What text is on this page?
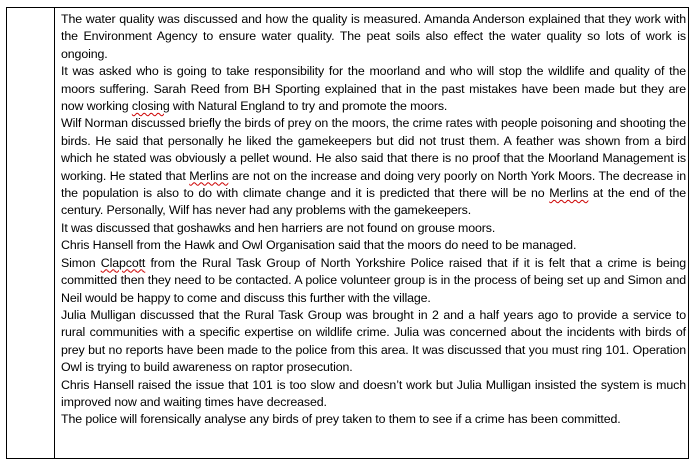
The water quality was discussed and how the quality is measured. Amanda Anderson explained that they work with the Environment Agency to ensure water quality. The peat soils also effect the water quality so lots of work is ongoing.

It was asked who is going to take responsibility for the moorland and who will stop the wildlife and quality of the moors suffering. Sarah Reed from BH Sporting explained that in the past mistakes have been made but they are now working closing with Natural England to try and promote the moors.

Wilf Norman discussed briefly the birds of prey on the moors, the crime rates with people poisoning and shooting the birds. He said that personally he liked the gamekeepers but did not trust them. A feather was shown from a bird which he stated was obviously a pellet wound. He also said that there is no proof that the Moorland Management is working. He stated that Merlins are not on the increase and doing very poorly on North York Moors. The decrease in the population is also to do with climate change and it is predicted that there will be no Merlins at the end of the century. Personally, Wilf has never had any problems with the gamekeepers.

It was discussed that goshawks and hen harriers are not found on grouse moors.

Chris Hansell from the Hawk and Owl Organisation said that the moors do need to be managed.

Simon Clapcott from the Rural Task Group of North Yorkshire Police raised that if it is felt that a crime is being committed then they need to be contacted. A police volunteer group is in the process of being set up and Simon and Neil would be happy to come and discuss this further with the village.

Julia Mulligan discussed that the Rural Task Group was brought in 2 and a half years ago to provide a service to rural communities with a specific expertise on wildlife crime. Julia was concerned about the incidents with birds of prey but no reports have been made to the police from this area. It was discussed that you must ring 101. Operation Owl is trying to build awareness on raptor prosecution.

Chris Hansell raised the issue that 101 is too slow and doesn’t work but Julia Mulligan insisted the system is much improved now and waiting times have decreased.

The police will forensically analyse any birds of prey taken to them to see if a crime has been committed.
